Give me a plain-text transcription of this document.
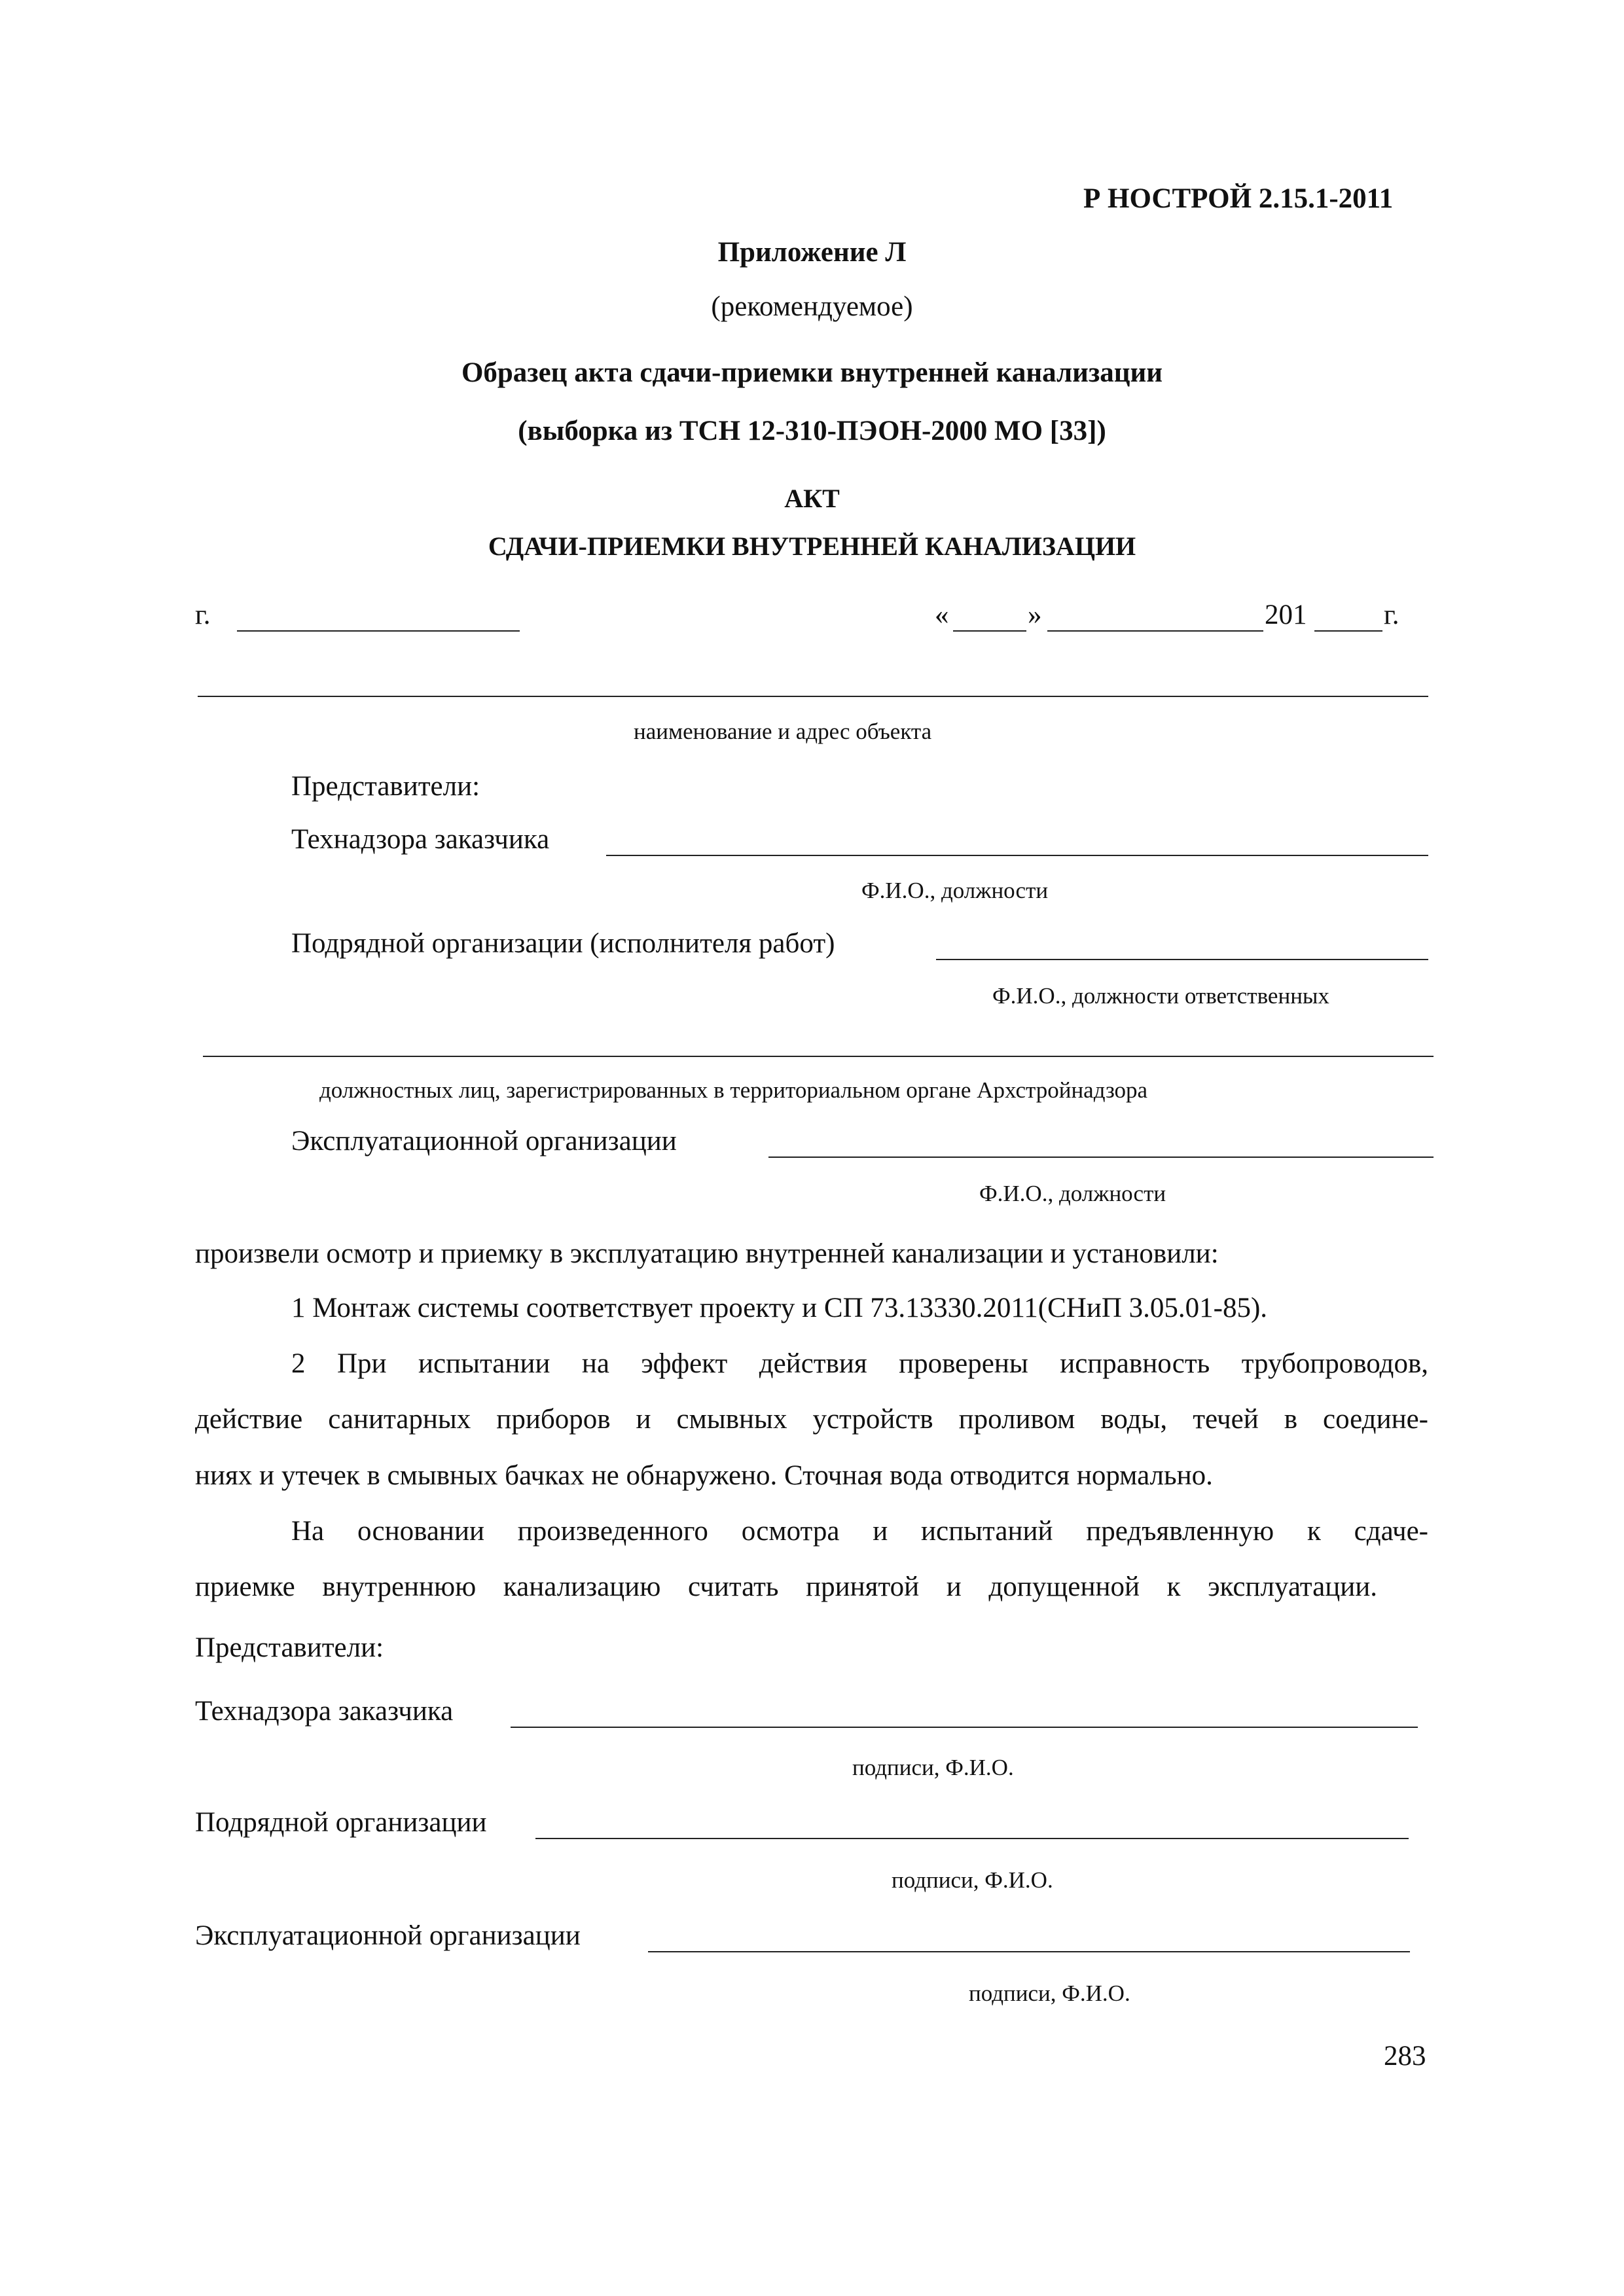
Р НОСТРОЙ 2.15.1-2011
Приложение Л
(рекомендуемое)
Образец акта сдачи-приемки внутренней канализации
(выборка из ТСН 12-310-ПЭОН-2000 МО [33])
АКТ
СДАЧИ-ПРИЕМКИ ВНУТРЕННЕЙ КАНАЛИЗАЦИИ
г.	«	»	201	г.
наименование и адрес объекта
Представители:
Технадзора заказчика
Ф.И.О., должности
Подрядной организации (исполнителя работ)
Ф.И.О., должности ответственных
должностных лиц, зарегистрированных в территориальном органе Архстройнадзора
Эксплуатационной организации
Ф.И.О., должности
произвели осмотр и приемку в эксплуатацию внутренней канализации и установили:
1 Монтаж системы соответствует проекту и СП 73.13330.2011(СНиП 3.05.01-85).
2 При испытании на эффект действия проверены исправность трубопроводов,
действие санитарных приборов и смывных устройств проливом воды, течей в соедине-
ниях и утечек в смывных бачках не обнаружено. Сточная вода отводится нормально.
На основании произведенного осмотра и испытаний предъявленную к сдаче-
приемке внутреннюю канализацию считать принятой и допущенной к эксплуатации.
Представители:
Технадзора заказчика
подписи, Ф.И.О.
Подрядной организации
подписи, Ф.И.О.
Эксплуатационной организации
подписи, Ф.И.О.
283
